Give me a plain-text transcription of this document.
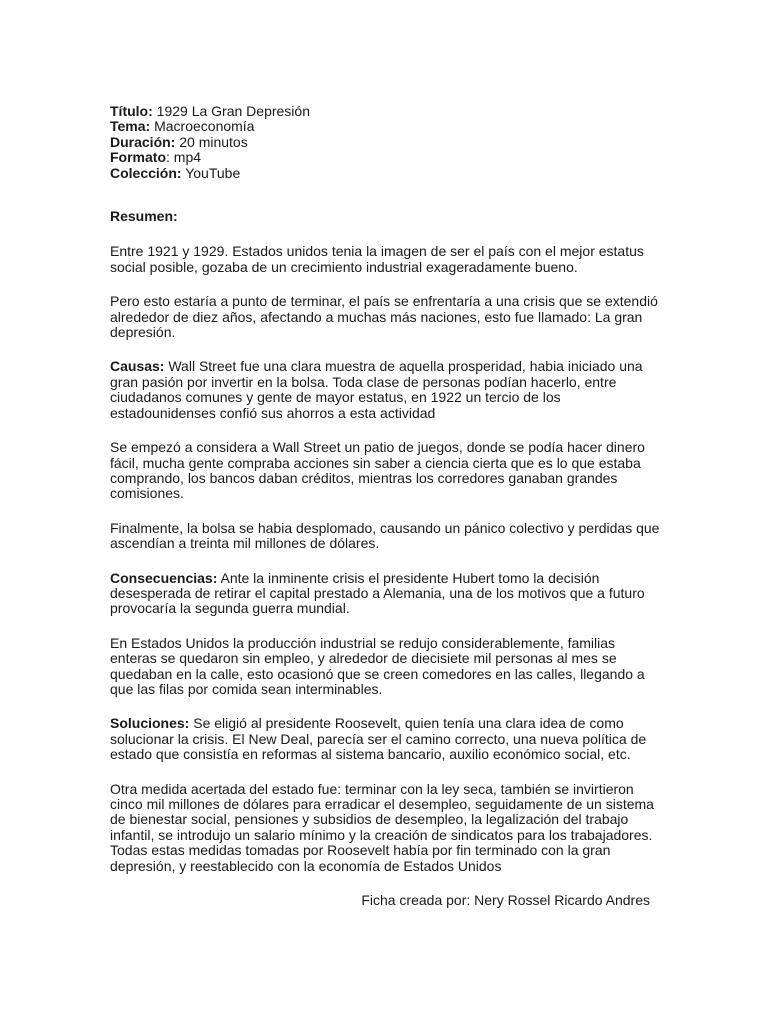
Título: 1929 La Gran Depresión

Tema: Macroeconomía

Duración: 20 minutos

Formato: mp4

Colección: YouTube

Resumen:

Entre 1921 y 1929. Estados unidos tenia la imagen de ser el país con el mejor estatus social posible, gozaba de un crecimiento industrial exageradamente bueno.

Pero esto estaría a punto de terminar, el país se enfrentaría a una crisis que se extendió alrededor de diez años, afectando a muchas más naciones, esto fue llamado: La gran depresión.

Causas: Wall Street fue una clara muestra de aquella prosperidad, habia iniciado una gran pasión por invertir en la bolsa. Toda clase de personas podían hacerlo, entre ciudadanos comunes y gente de mayor estatus, en 1922 un tercio de los estadounidenses confió sus ahorros a esta actividad

Se empezó a considera a Wall Street un patio de juegos, donde se podía hacer dinero fácil, mucha gente compraba acciones sin saber a ciencia cierta que es lo que estaba comprando, los bancos daban créditos, mientras los corredores ganaban grandes comisiones.

Finalmente, la bolsa se habia desplomado, causando un pánico colectivo y perdidas que ascendían a treinta mil millones de dólares.

Consecuencias: Ante la inminente crisis el presidente Hubert tomo la decisión desesperada de retirar el capital prestado a Alemania, una de los motivos que a futuro provocaría la segunda guerra mundial.

En Estados Unidos la producción industrial se redujo considerablemente, familias enteras se quedaron sin empleo, y alrededor de diecisiete mil personas al mes se quedaban en la calle, esto ocasionó que se creen comedores en las calles, llegando a que las filas por comida sean interminables.

Soluciones: Se eligió al presidente Roosevelt, quien tenía una clara idea de como solucionar la crisis. El New Deal, parecía ser el camino correcto, una nueva política de estado que consistía en reformas al sistema bancario, auxilio económico social, etc.

Otra medida acertada del estado fue: terminar con la ley seca, también se invirtieron cinco mil millones de dólares para erradicar el desempleo, seguidamente de un sistema de bienestar social, pensiones y subsidios de desempleo, la legalización del trabajo infantil, se introdujo un salario mínimo y la creación de sindicatos para los trabajadores. Todas estas medidas tomadas por Roosevelt había por fin terminado con la gran depresión, y reestablecido con la economía de Estados Unidos

Ficha creada por: Nery Rossel Ricardo Andres
